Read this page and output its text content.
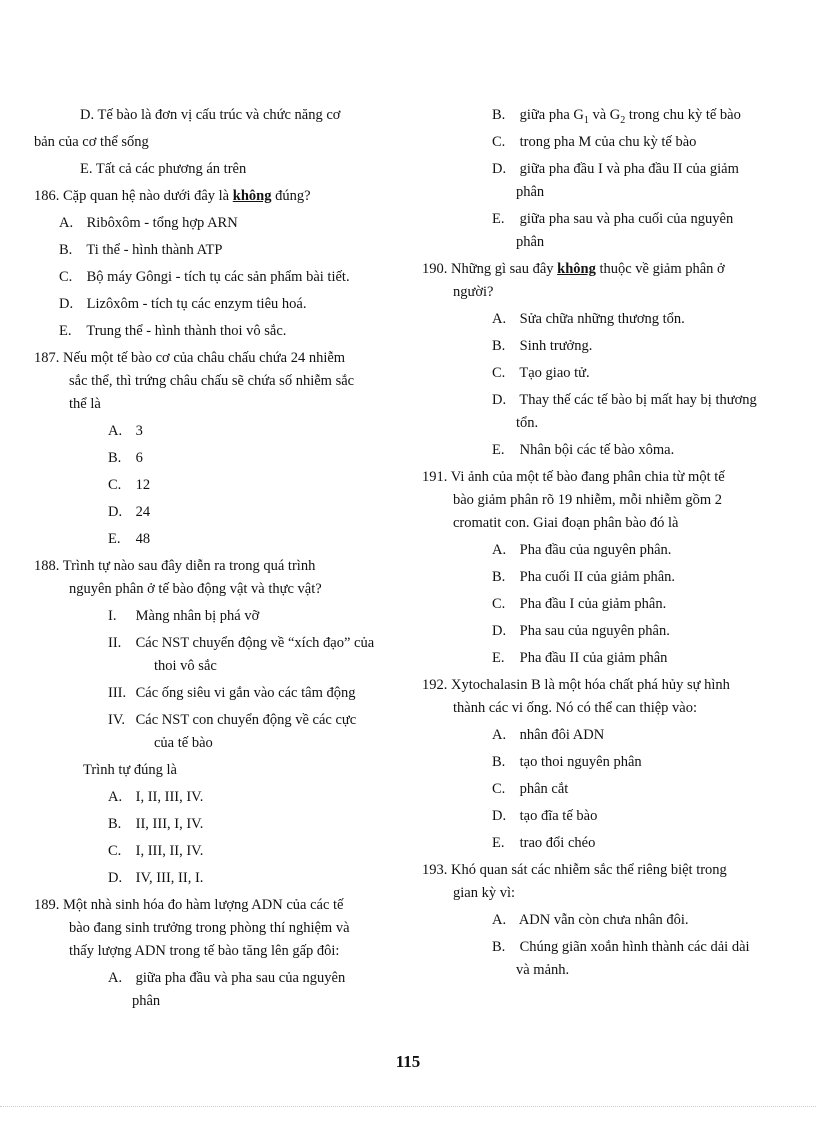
D. Tế bào là đơn vị cấu trúc và chức năng cơ
bản của cơ thể sống
E. Tất cả các phương án trên
186. Cặp quan hệ nào dưới đây là không đúng?
A. Ribôxôm - tổng hợp ARN
B. Ti thể - hình thành ATP
C. Bộ máy Gôngi - tích tụ các sản phẩm bài tiết.
D. Lizôxôm - tích tụ các enzym tiêu hoá.
E. Trung thể - hình thành thoi vô sắc.
187. Nếu một tế bào cơ của châu chấu chứa 24 nhiễm
sắc thể, thì trứng châu chấu sẽ chứa số nhiễm sắc
thể là
A. 3
B. 6
C. 12
D. 24
E. 48
188. Trình tự nào sau đây diễn ra trong quá trình
nguyên phân ở tế bào động vật và thực vật?
I. Màng nhân bị phá vỡ
II. Các NST chuyển động về “xích đạo” của
thoi vô sắc
III. Các ống siêu vi gắn vào các tâm động
IV. Các NST con chuyển động về các cực
của tế bào
Trình tự đúng là
A. I, II, III, IV.
B. II, III, I, IV.
C. I, III, II, IV.
D. IV, III, II, I.
189. Một nhà sinh hóa đo hàm lượng ADN của các tế
bào đang sinh trưởng trong phòng thí nghiệm và
thấy lượng ADN trong tế bào tăng lên gấp đôi:
A. giữa pha đầu và pha sau của nguyên
phân
B. giữa pha $G_1$ và $G_2$ trong chu kỳ tế bào
C. trong pha M của chu kỳ tế bào
D. giữa pha đầu I và pha đầu II của giảm
phân
E. giữa pha sau và pha cuối của nguyên
phân
190. Những gì sau đây không thuộc về giảm phân ở
người?
A. Sửa chữa những thương tổn.
B. Sinh trưởng.
C. Tạo giao tử.
D. Thay thế các tế bào bị mất hay bị thương
tổn.
E. Nhân bội các tế bào xôma.
191. Vi ảnh của một tế bào đang phân chia từ một tế
bào giảm phân rõ 19 nhiễm, mỗi nhiễm gồm 2
cromatit con. Giai đoạn phân bào đó là
A. Pha đầu của nguyên phân.
B. Pha cuối II của giảm phân.
C. Pha đầu I của giảm phân.
D. Pha sau của nguyên phân.
E. Pha đầu II của giảm phân
192. Xytochalasin B là một hóa chất phá hủy sự hình
thành các vi ống. Nó có thể can thiệp vào:
A. nhân đôi ADN
B. tạo thoi nguyên phân
C. phân cắt
D. tạo đĩa tế bào
E. trao đổi chéo
193. Khó quan sát các nhiễm sắc thể riêng biệt trong
gian kỳ vì:
A. ADN vẫn còn chưa nhân đôi.
B. Chúng giãn xoắn hình thành các dải dài
và mảnh.
115
